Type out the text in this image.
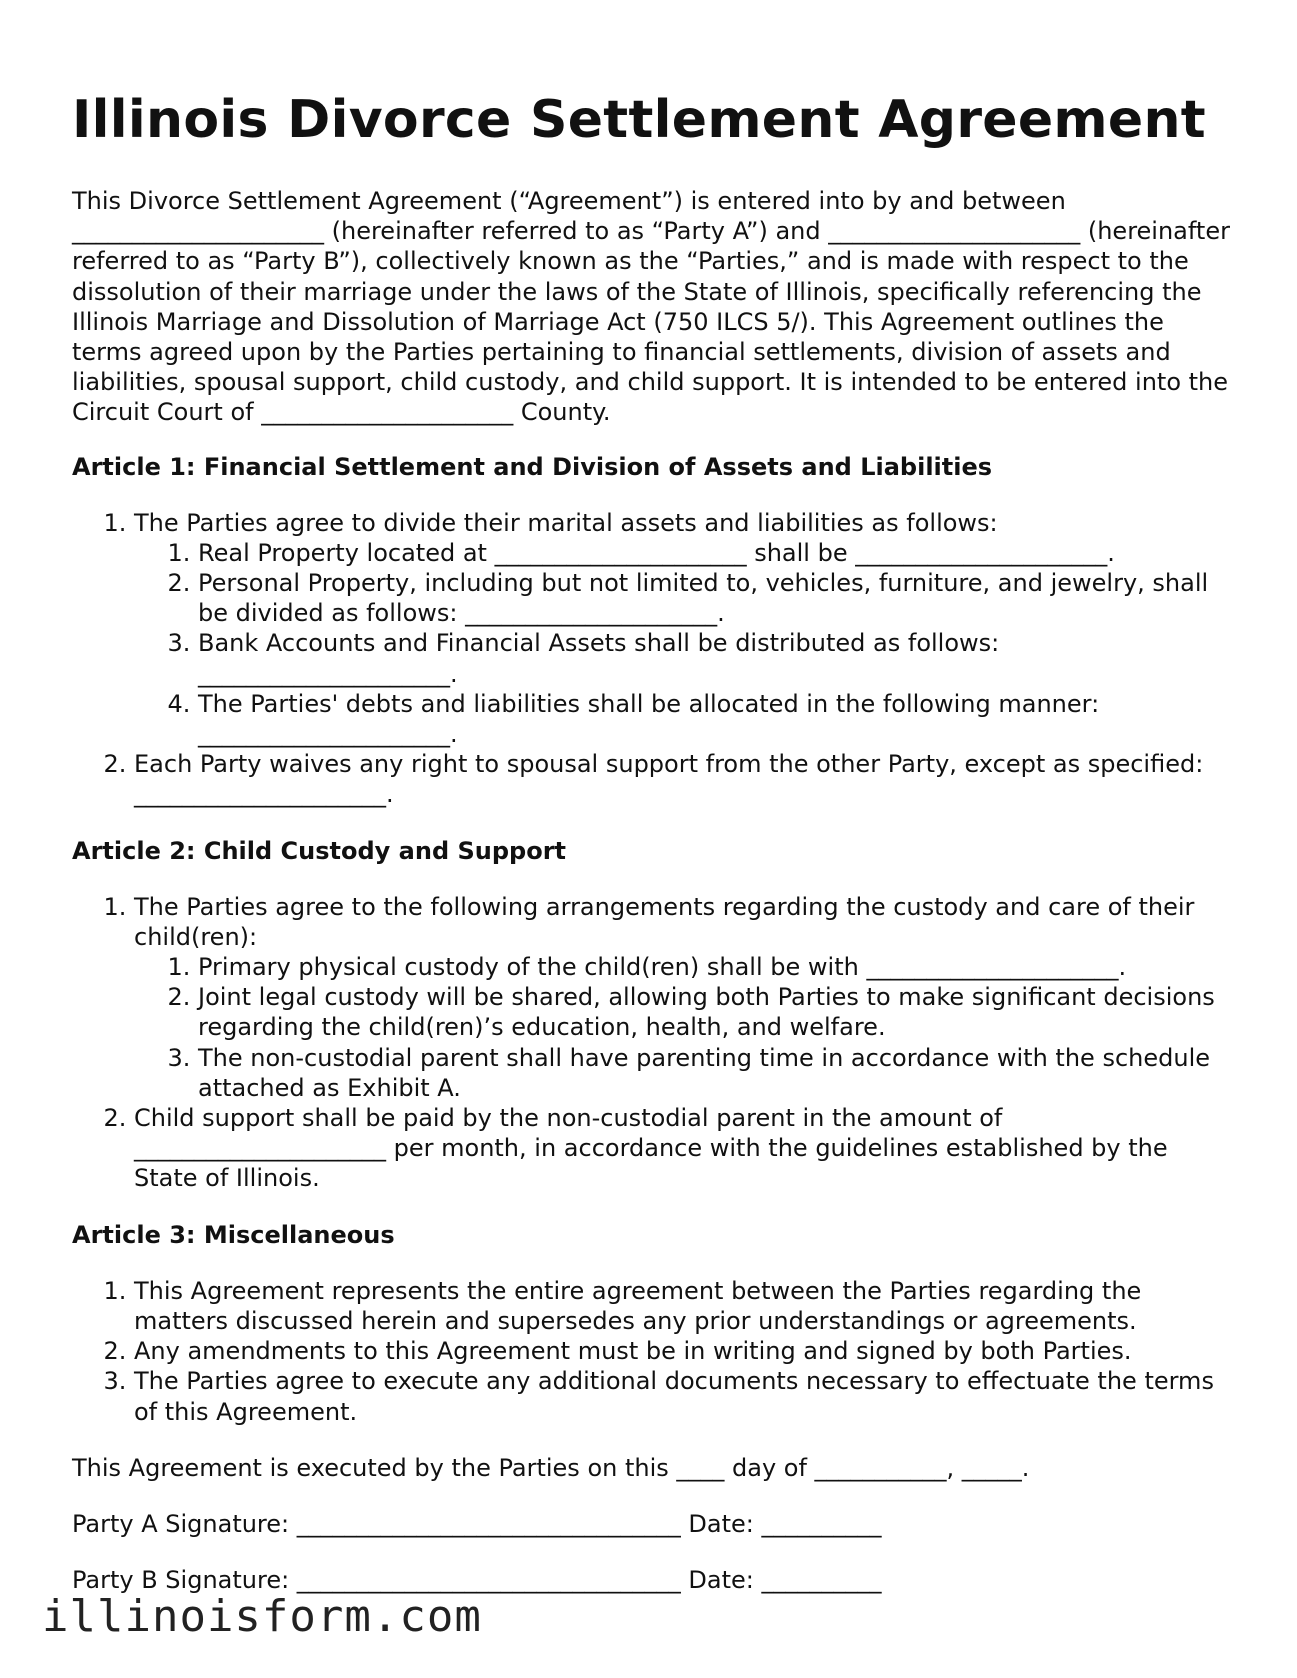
Illinois Divorce Settlement Agreement

This Divorce Settlement Agreement (“Agreement”) is entered into by and between _____________________ (hereinafter referred to as “Party A”) and _____________________ (hereinafter referred to as “Party B”), collectively known as the “Parties,” and is made with respect to the dissolution of their marriage under the laws of the State of Illinois, specifically referencing the Illinois Marriage and Dissolution of Marriage Act (750 ILCS 5/). This Agreement outlines the terms agreed upon by the Parties pertaining to financial settlements, division of assets and liabilities, spousal support, child custody, and child support. It is intended to be entered into the Circuit Court of _____________________ County.

Article 1: Financial Settlement and Division of Assets and Liabilities
1. The Parties agree to divide their marital assets and liabilities as follows:
1. Real Property located at _____________________ shall be _____________________.
2. Personal Property, including but not limited to, vehicles, furniture, and jewelry, shall be divided as follows: _____________________.
3. Bank Accounts and Financial Assets shall be distributed as follows: _____________________.
4. The Parties' debts and liabilities shall be allocated in the following manner: _____________________.
2. Each Party waives any right to spousal support from the other Party, except as specified: _____________________.
Article 2: Child Custody and Support
1. The Parties agree to the following arrangements regarding the custody and care of their child(ren):
1. Primary physical custody of the child(ren) shall be with _____________________.
2. Joint legal custody will be shared, allowing both Parties to make significant decisions regarding the child(ren)’s education, health, and welfare.
3. The non-custodial parent shall have parenting time in accordance with the schedule attached as Exhibit A.
2. Child support shall be paid by the non-custodial parent in the amount of _____________________ per month, in accordance with the guidelines established by the State of Illinois.
Article 3: Miscellaneous
1. This Agreement represents the entire agreement between the Parties regarding the matters discussed herein and supersedes any prior understandings or agreements.
2. Any amendments to this Agreement must be in writing and signed by both Parties.
3. The Parties agree to execute any additional documents necessary to effectuate the terms of this Agreement.

This Agreement is executed by the Parties on this ____ day of ___________, _____.

Party A Signature: ________________________________ Date: __________

Party B Signature: ________________________________ Date: __________

illinoisform.com
